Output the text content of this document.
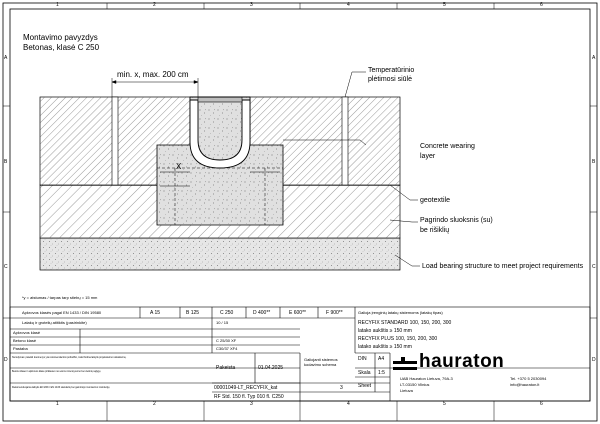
1	2	3	4	5	6
1	2	3	4	5	6
A
B
C
D
A
B
C
D
Montavimo pavyzdys
Betonas, klasė C 250
min. x, max. 200 cm
X
Temperatūrinio
plėtimosi siūlė
Concrete wearing
layer
geotextile
Pagrindo sluoksnis (su)
be rišiklių
Load bearing structure to meet project requirements
*y = atstumas / tarpas tarp stiebų = 15 mm
Apkrovos klasės pagal EN 1433 / DIN 19580	A 15	B 125	C 250	D 400**	E 600**	F 900**	Galioja įrenginių latakų sistemoms (latakų tipas)
Latakų ir grotelių atitiktis (pasirinkite)	10 / 15
Apkrovos klasė
Betono klasė	C 25/30 XF
Pastaba	C30/37 XF4
RECYFIX STANDARD 100, 150, 200, 300
latako aukštis ≥ 150 mm
RECYFIX PLUS 100, 150, 200, 300
latako aukštis ≥ 150 mm
Nurodymas: pateikti duomenys yra rekomendacinio pobūdžio, todėl būtina laikytis projektavimo reikalavimų.
Betono klasė ir apkrovos klasė priklauso nuo eismo intensyvumo bei vietinių sąlygų.
Rekomenduojama laikytis EN 206 ir EN 1433 standartų bei gamintojo montavimo instrukcijų.
Pakeista	01.04.2025
Galiojanti sistemos kodavimo schema
00001049-LT_RECYFIX_kat	3
RF Std. 150 fl. Typ 010 fl. C250
DIN A4
Skala 1:5
Sheet
hauraton
UAB Hauraton Lietuva, 79A-3
LT-03150 Vilnius
Lietuva
Tel. +370 5 2030094
info@hauraton.lt
